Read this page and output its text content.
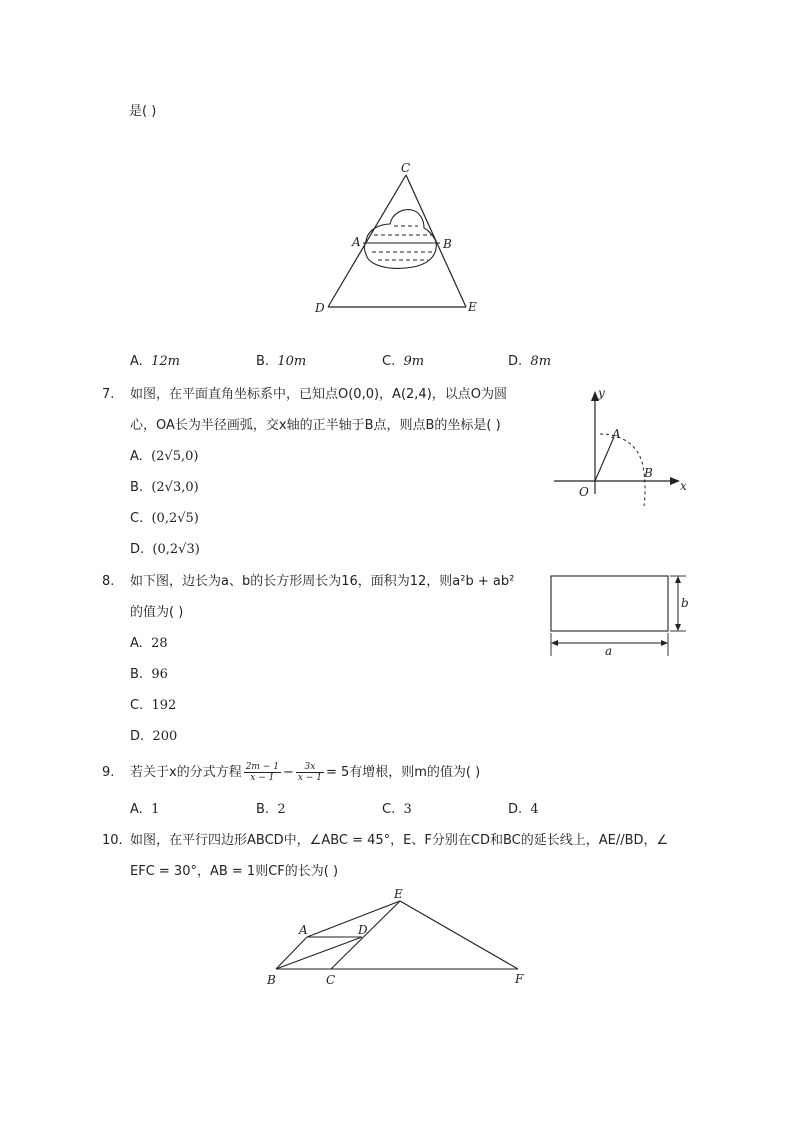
是( )
C
A	B
D	E
A. 12m	B. 10m	C. 9m	D. 8m
7. 如图，在平面直角坐标系中，已知点O(0,0)，A(2,4)，以点O为圆
心，OA长为半径画弧，交x轴的正半轴于B点，则点B的坐标是( )
A. (2√5,0)
B. (2√3,0)
C. (0,2√5)
D. (0,2√3)
y
x
O
A
B
8. 如下图，边长为a、b的长方形周长为16，面积为12，则a²b + ab²
的值为( )
A. 28
B. 96
C. 192
D. 200
b
a
9. 若关于x的分式方程 $\frac{2m - 1}{x - 1} - \frac{3x}{x - 1} = 5$有增根，则m的值为( )
A. 1	B. 2	C. 3	D. 4
10. 如图，在平行四边形ABCD中，∠ABC = 45°，E、F分别在CD和BC的延长线上，AE//BD，∠
EFC = 30°，AB = 1则CF的长为( )
E
A	D
B	C	F
